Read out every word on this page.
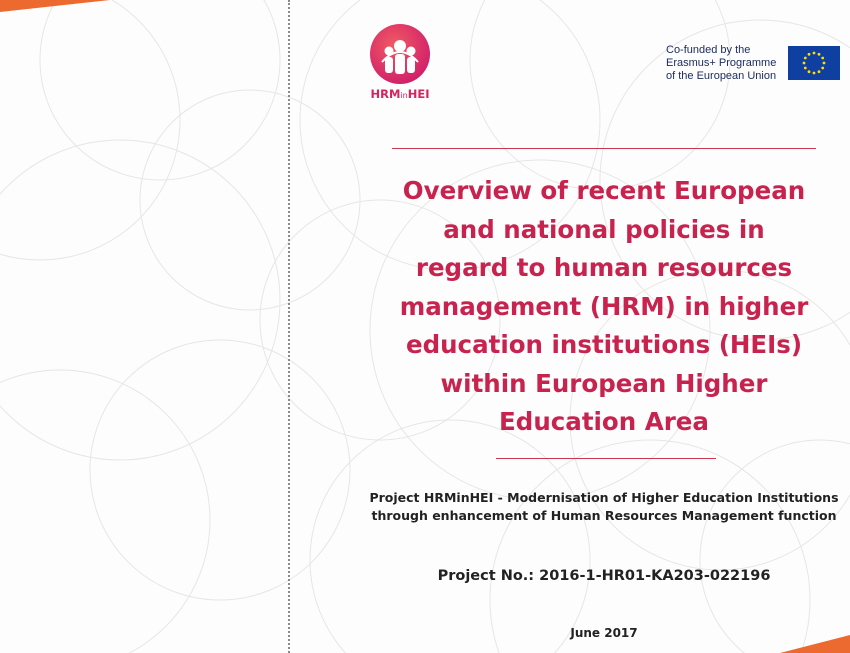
HRMinHEI
Co-funded by the
Erasmus+ Programme
of the European Union
Overview of recent European
and national policies in
regard to human resources
management (HRM) in higher
education institutions (HEIs)
within European Higher
Education Area
Project HRMinHEI - Modernisation of Higher Education Institutions
through enhancement of Human Resources Management function
Project No.: 2016-1-HR01-KA203-022196
June 2017
